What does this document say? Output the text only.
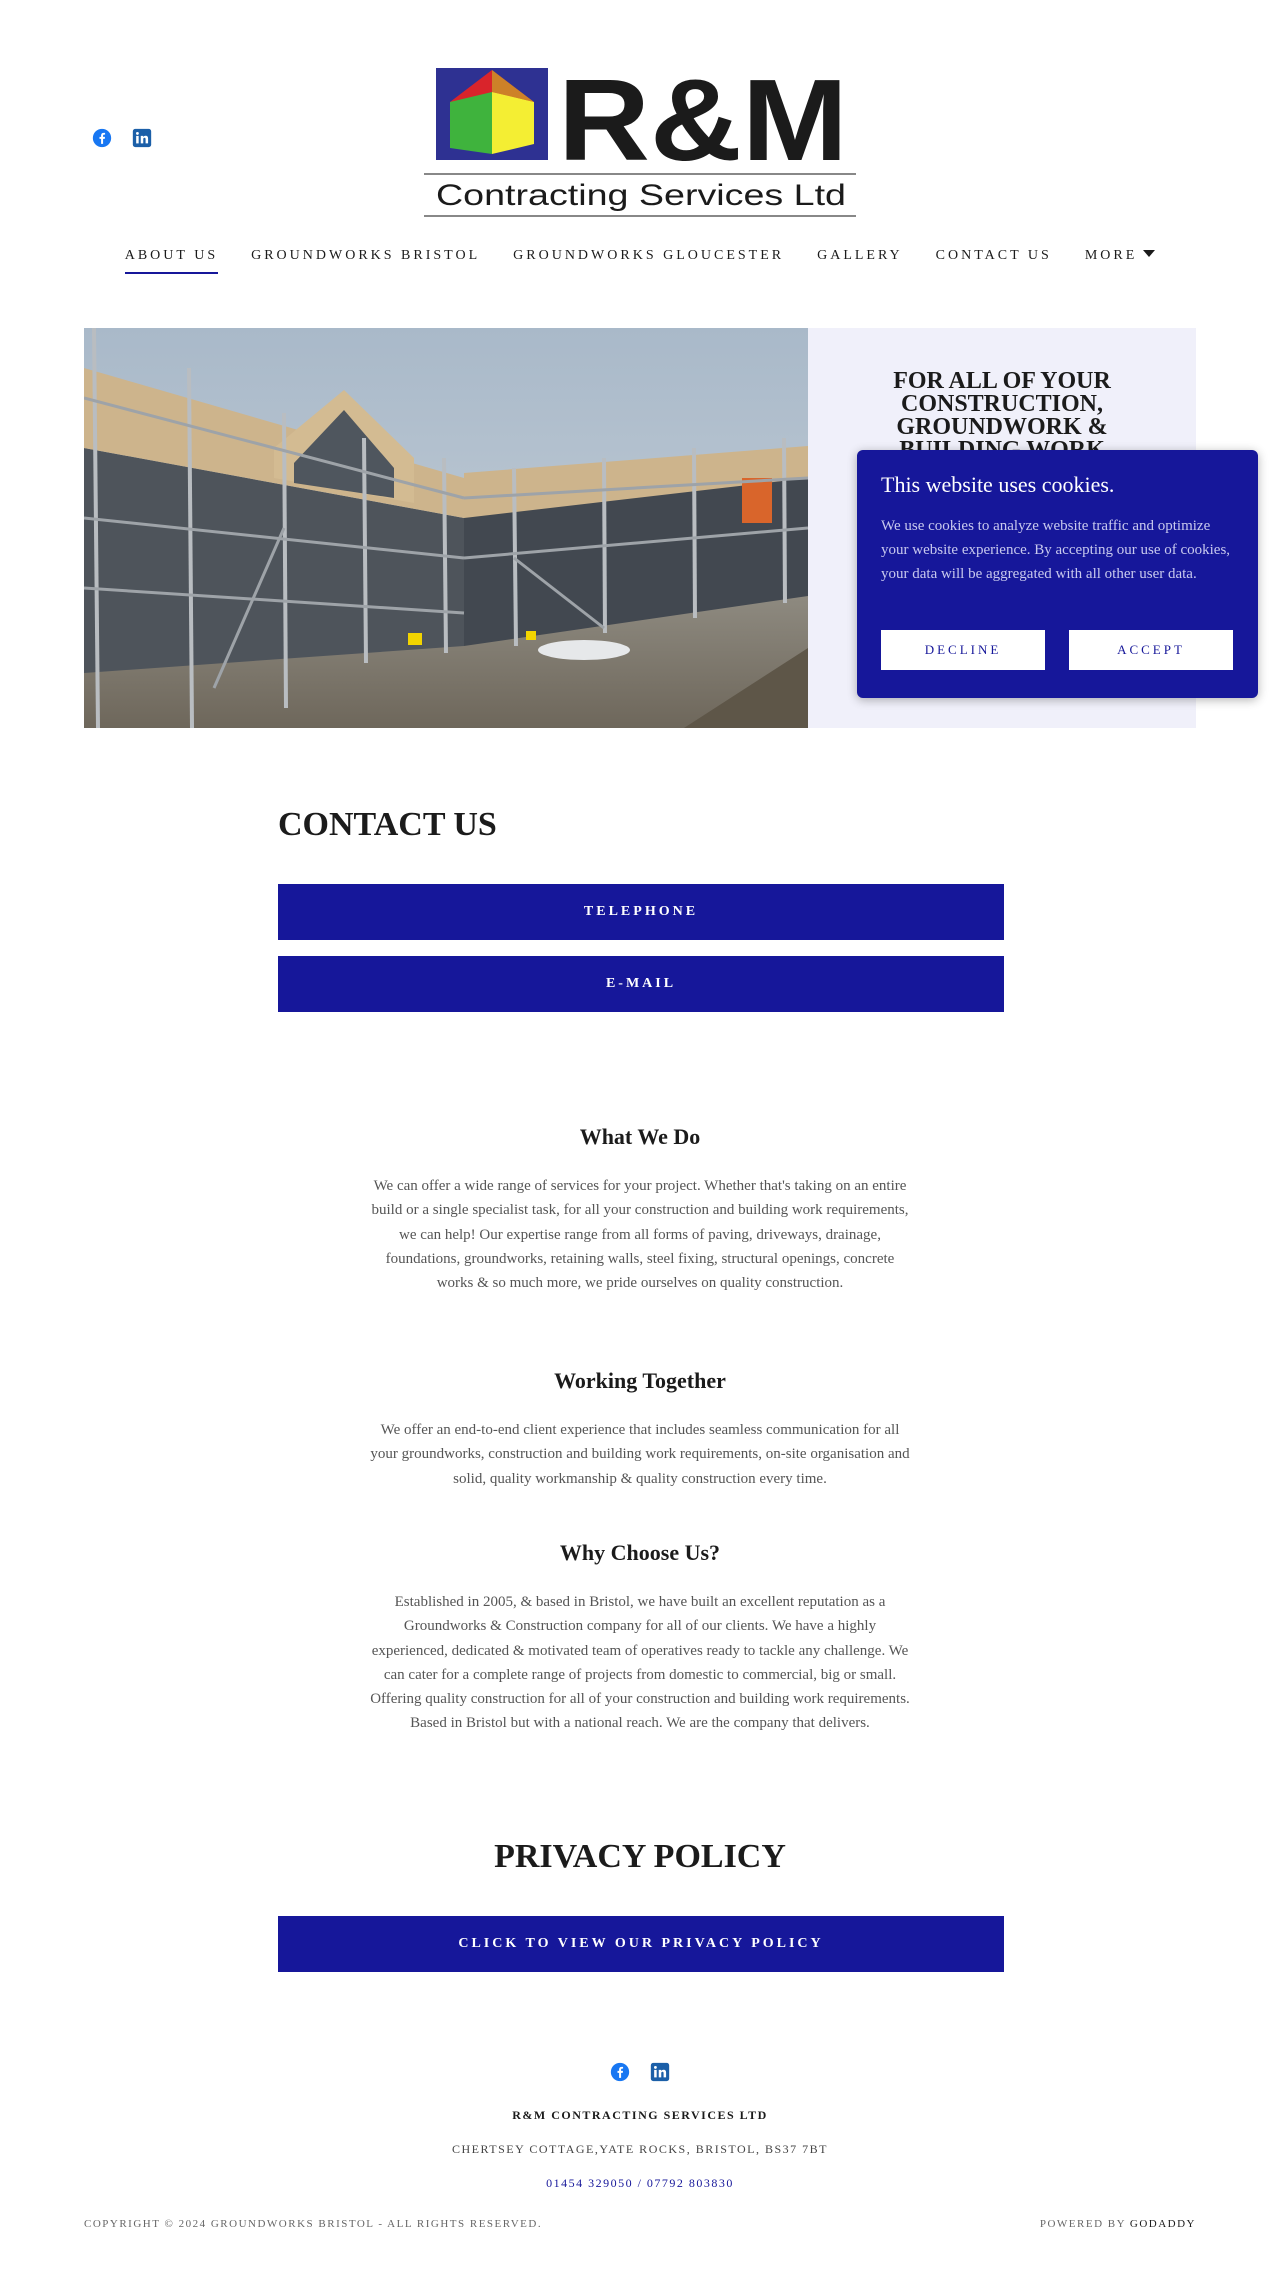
R&M
Contracting Services Ltd
ABOUT US GROUNDWORKS BRISTOL GROUNDWORKS GLOUCESTER GALLERY CONTACT US MORE
FOR ALL OF YOUR CONSTRUCTION, GROUNDWORK &
This website uses cookies.

We use cookies to analyze website traffic and optimize your website experience. By accepting our use of cookies, your data will be aggregated with all other user data.

DECLINE	ACCEPT
CONTACT US
TELEPHONE
E-MAIL
What We Do

We can offer a wide range of services for your project. Whether that's taking on an entire build or a single specialist task, for all your construction and building work requirements, we can help! Our expertise range from all forms of paving, driveways, drainage, foundations, groundworks, retaining walls, steel fixing, structural openings, concrete works & so much more, we pride ourselves on quality construction.

Working Together

We offer an end-to-end client experience that includes seamless communication for all your groundworks, construction and building work requirements, on-site organisation and solid, quality workmanship & quality construction every time.

Why Choose Us?

Established in 2005, & based in Bristol, we have built an excellent reputation as a Groundworks & Construction company for all of our clients. We have a highly experienced, dedicated & motivated team of operatives ready to tackle any challenge. We can cater for a complete range of projects from domestic to commercial, big or small. Offering quality construction for all of your construction and building work requirements. Based in Bristol but with a national reach. We are the company that delivers.

PRIVACY POLICY
CLICK TO VIEW OUR PRIVACY POLICY
R&M CONTRACTING SERVICES LTD
CHERTSEY COTTAGE,YATE ROCKS, BRISTOL, BS37 7BT
01454 329050 / 07792 803830
COPYRIGHT © 2024 GROUNDWORKS BRISTOL - ALL RIGHTS RESERVED.	POWERED BY GODADDY
